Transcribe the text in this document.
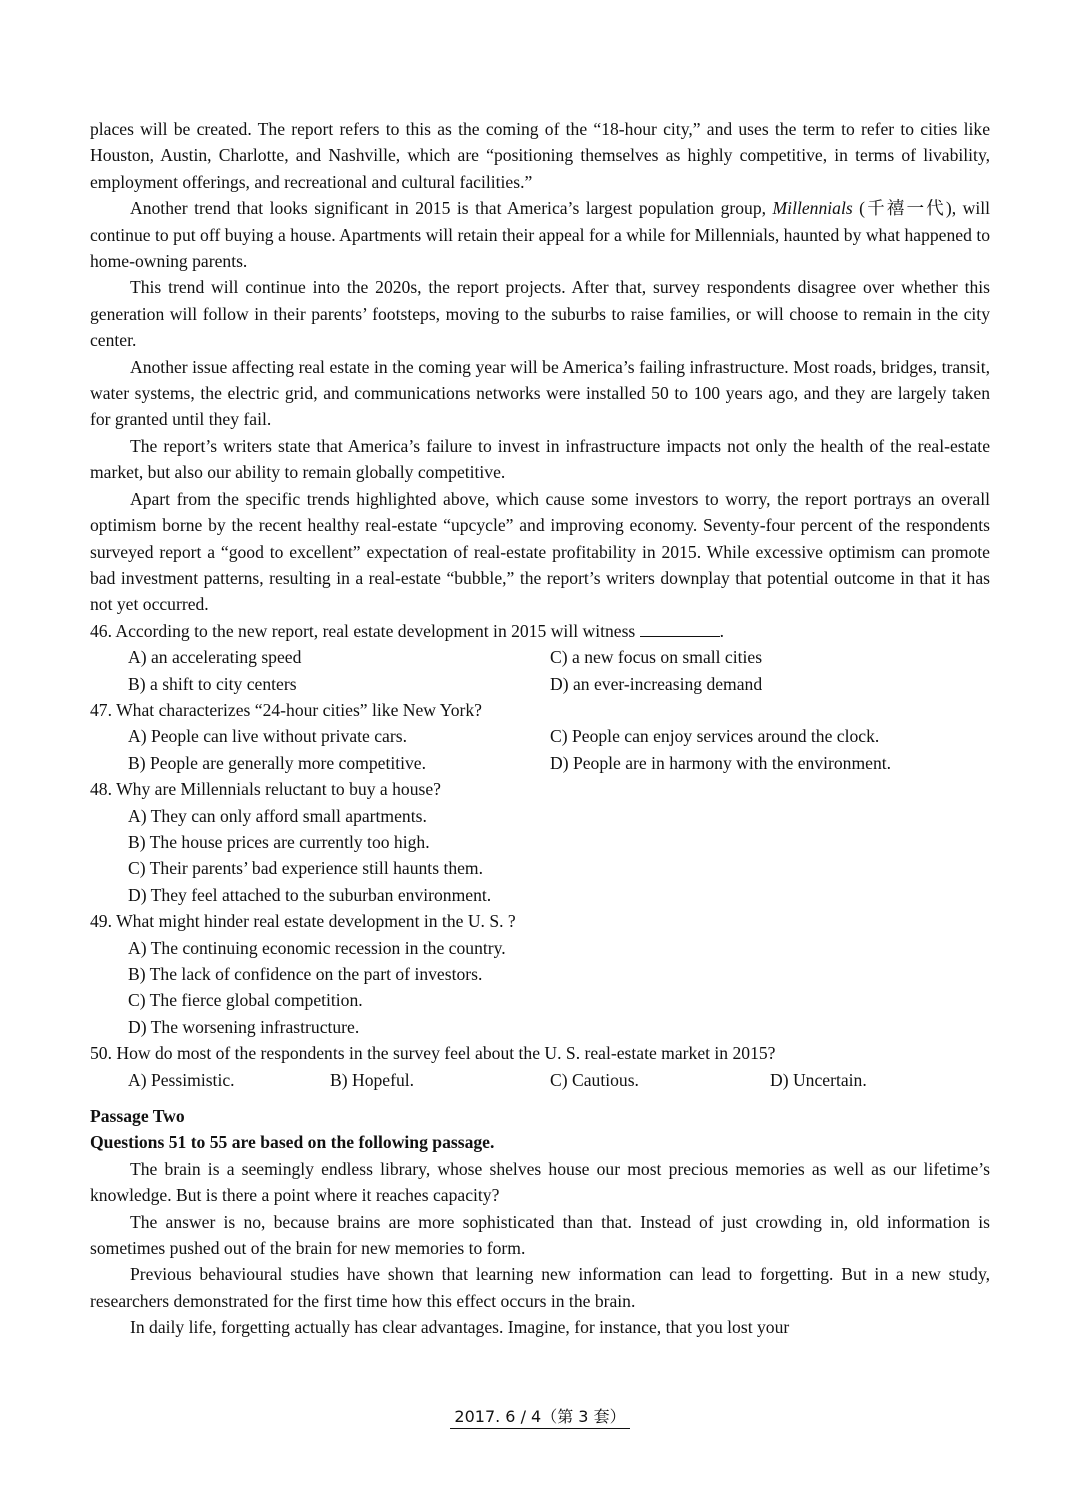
places will be created. The report refers to this as the coming of the “18-hour city,” and uses the term to refer to cities like Houston, Austin, Charlotte, and Nashville, which are “positioning themselves as highly competitive, in terms of livability, employment offerings, and recreational and cultural facilities.”

Another trend that looks significant in 2015 is that America’s largest population group, Millennials (千禧一代), will continue to put off buying a house. Apartments will retain their appeal for a while for Millennials, haunted by what happened to home-owning parents.

This trend will continue into the 2020s, the report projects. After that, survey respondents disagree over whether this generation will follow in their parents’ footsteps, moving to the suburbs to raise families, or will choose to remain in the city center.

Another issue affecting real estate in the coming year will be America’s failing infrastructure. Most roads, bridges, transit, water systems, the electric grid, and communications networks were installed 50 to 100 years ago, and they are largely taken for granted until they fail.

The report’s writers state that America’s failure to invest in infrastructure impacts not only the health of the real-estate market, but also our ability to remain globally competitive.

Apart from the specific trends highlighted above, which cause some investors to worry, the report portrays an overall optimism borne by the recent healthy real-estate “upcycle” and improving economy. Seventy-four percent of the respondents surveyed report a “good to excellent” expectation of real-estate profitability in 2015. While excessive optimism can promote bad investment patterns, resulting in a real-estate “bubble,” the report’s writers downplay that potential outcome in that it has not yet occurred.

46. According to the new report, real estate development in 2015 will witness	.
A) an accelerating speed	C) a new focus on small cities
B) a shift to city centers	D) an ever-increasing demand
47. What characterizes “24-hour cities” like New York?
A) People can live without private cars.	C) People can enjoy services around the clock.
B) People are generally more competitive.	D) People are in harmony with the environment.
48. Why are Millennials reluctant to buy a house?
A) They can only afford small apartments.
B) The house prices are currently too high.
C) Their parents’ bad experience still haunts them.
D) They feel attached to the suburban environment.
49. What might hinder real estate development in the U. S. ?
A) The continuing economic recession in the country.
B) The lack of confidence on the part of investors.
C) The fierce global competition.
D) The worsening infrastructure.
50. How do most of the respondents in the survey feel about the U. S. real-estate market in 2015?
A) Pessimistic.	B) Hopeful.	C) Cautious.	D) Uncertain.
Passage Two
Questions 51 to 55 are based on the following passage.

The brain is a seemingly endless library, whose shelves house our most precious memories as well as our lifetime’s knowledge. But is there a point where it reaches capacity?

The answer is no, because brains are more sophisticated than that. Instead of just crowding in, old information is sometimes pushed out of the brain for new memories to form.

Previous behavioural studies have shown that learning new information can lead to forgetting. But in a new study, researchers demonstrated for the first time how this effect occurs in the brain.

In daily life, forgetting actually has clear advantages. Imagine, for instance, that you lost your

2017. 6 / 4（第 3 套）
